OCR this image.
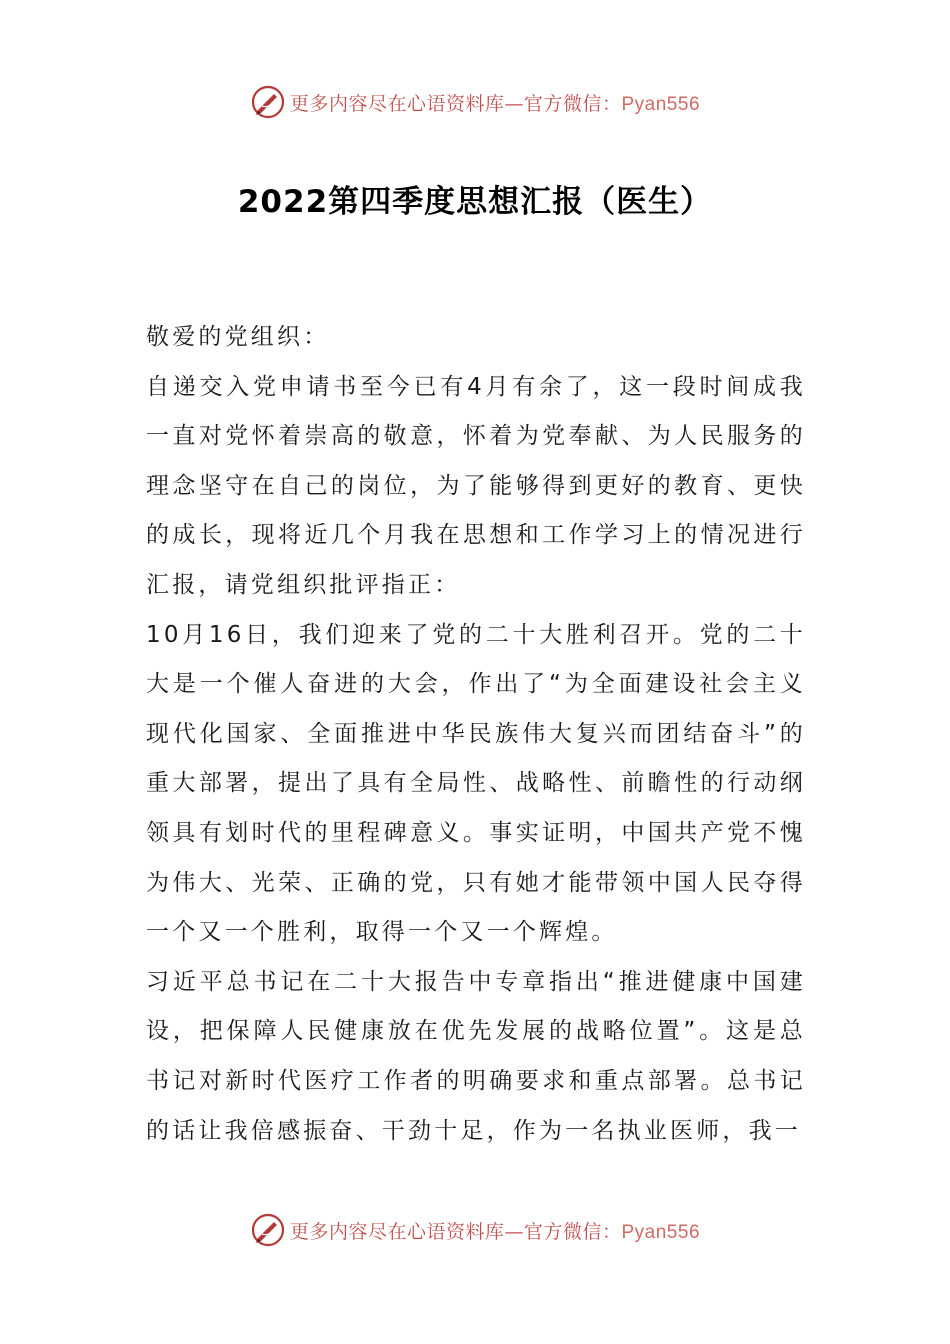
更多内容尽在心语资料库—官方微信：Pyan556
2022第四季度思想汇报（医生）

敬爱的党组织：

自递交入党申请书至今已有4月有余了，这一段时间成我一直对党怀着崇高的敬意，怀着为党奉献、为人民服务的理念坚守在自己的岗位，为了能够得到更好的教育、更快的成长，现将近几个月我在思想和工作学习上的情况进行汇报，请党组织批评指正：

10月16日，我们迎来了党的二十大胜利召开。党的二十大是一个催人奋进的大会，作出了“为全面建设社会主义现代化国家、全面推进中华民族伟大复兴而团结奋斗”的重大部署，提出了具有全局性、战略性、前瞻性的行动纲领具有划时代的里程碑意义。事实证明，中国共产党不愧为伟大、光荣、正确的党，只有她才能带领中国人民夺得一个又一个胜利，取得一个又一个辉煌。

习近平总书记在二十大报告中专章指出“推进健康中国建设，把保障人民健康放在优先发展的战略位置”。这是总书记对新时代医疗工作者的明确要求和重点部署。总书记的话让我倍感振奋、干劲十足，作为一名执业医师，我一

更多内容尽在心语资料库—官方微信：Pyan556
